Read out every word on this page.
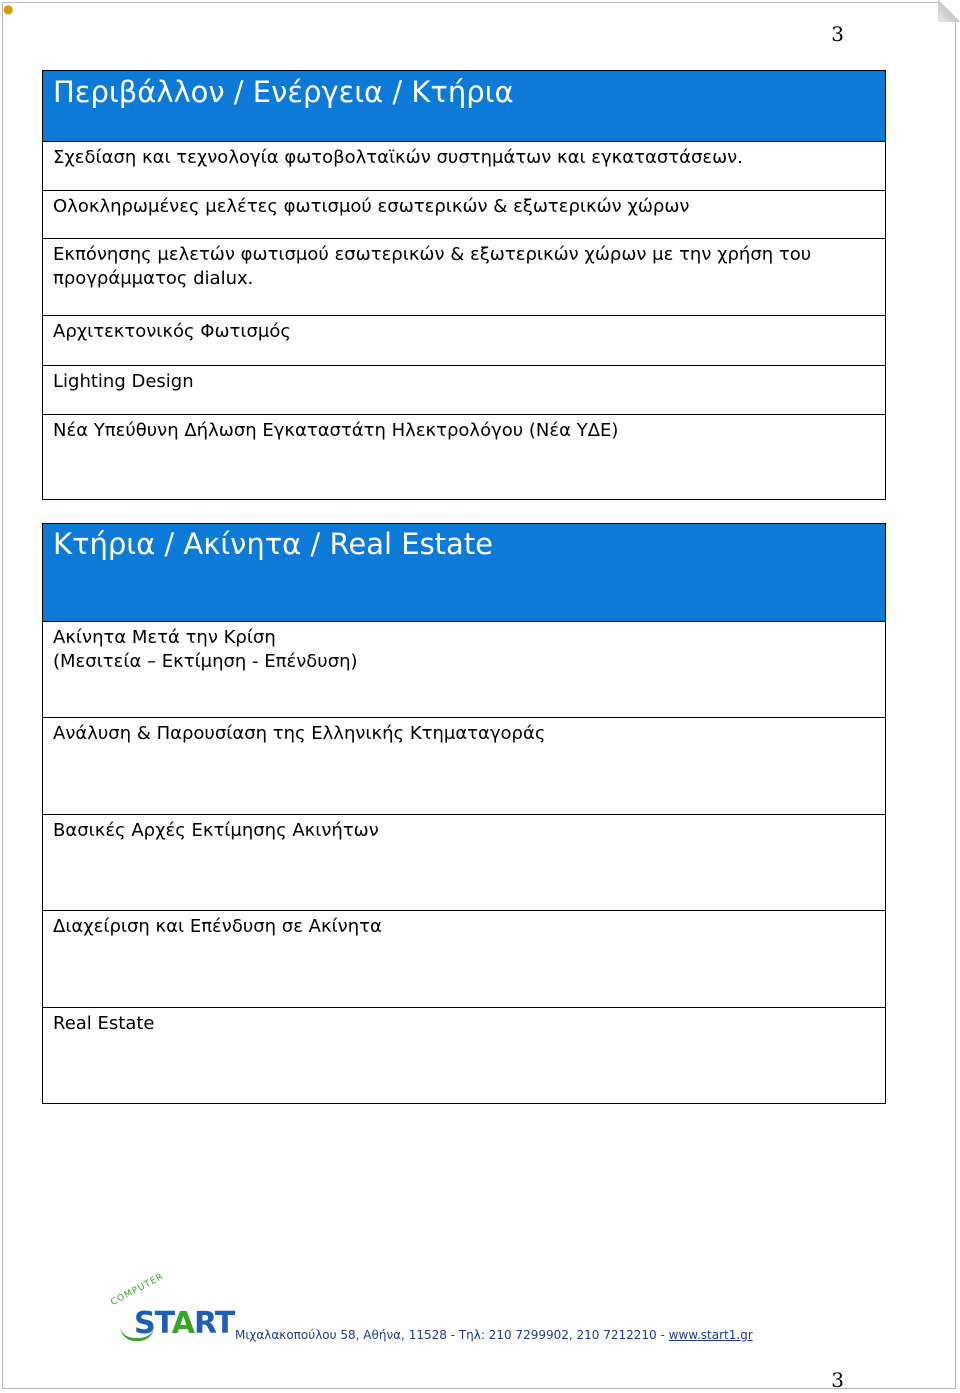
●
3
Περιβάλλον / Ενέργεια / Κτήρια
Σχεδίαση και τεχνολογία φωτοβολταϊκών συστημάτων και εγκαταστάσεων.
Ολοκληρωμένες μελέτες φωτισμού εσωτερικών & εξωτερικών χώρων
Εκπόνησης μελετών φωτισμού εσωτερικών & εξωτερικών χώρων με την χρήση του προγράμματος dialux.
Αρχιτεκτονικός Φωτισμός
Lighting Design
Νέα Υπεύθυνη Δήλωση Εγκαταστάτη Ηλεκτρολόγου (Νέα ΥΔΕ)
Κτήρια / Ακίνητα / Real Estate
Ακίνητα Μετά την Κρίση
(Μεσιτεία – Εκτίμηση - Επένδυση)
Ανάλυση & Παρουσίαση της Ελληνικής Κτηματαγοράς
Βασικές Αρχές Εκτίμησης Ακινήτων
Διαχείριση και Επένδυση σε Ακίνητα
Real Estate
COMPUTER
START Μιχαλακοπούλου 58, Αθήνα, 11528 - Τηλ: 210 7299902, 210 7212210 - www.start1.gr
3
